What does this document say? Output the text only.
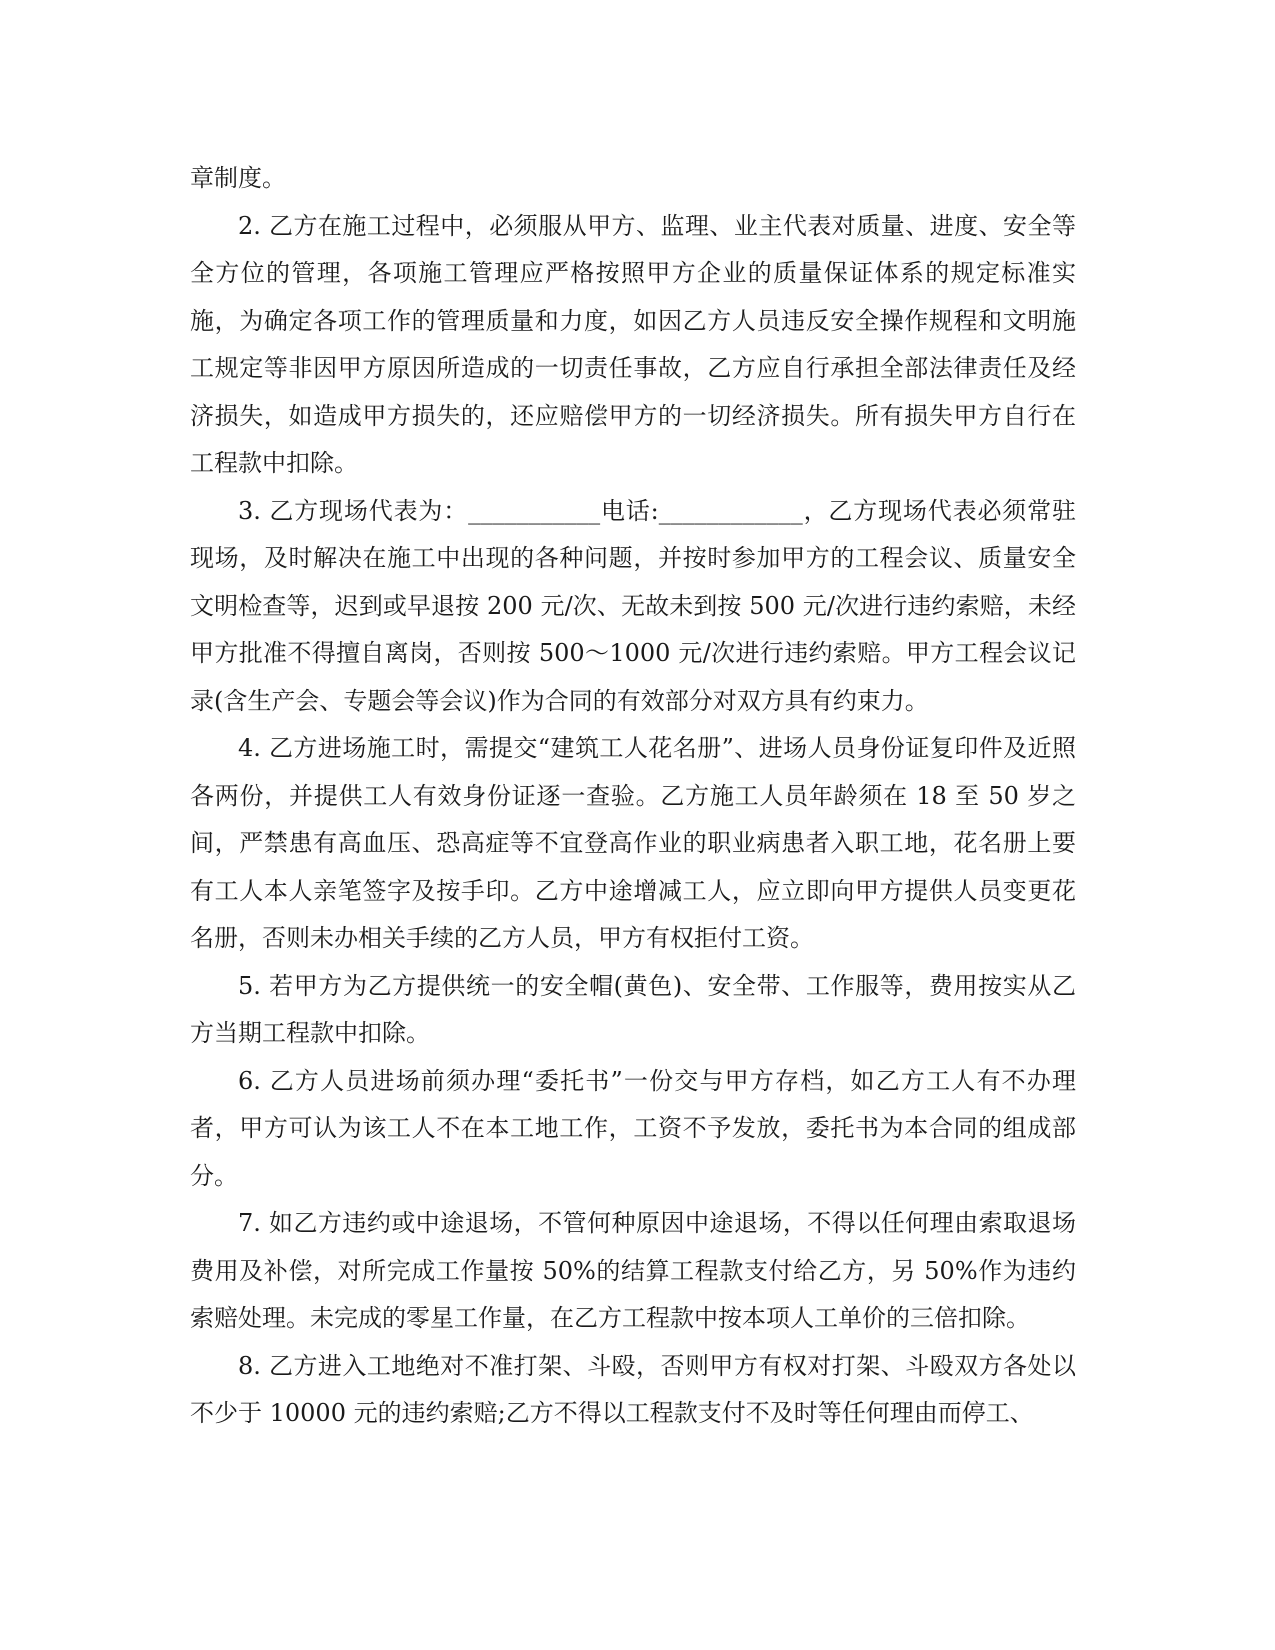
章制度。

2. 乙方在施工过程中，必须服从甲方、监理、业主代表对质量、进度、安全等全方位的管理，各项施工管理应严格按照甲方企业的质量保证体系的规定标准实施，为确定各项工作的管理质量和力度，如因乙方人员违反安全操作规程和文明施工规定等非因甲方原因所造成的一切责任事故，乙方应自行承担全部法律责任及经济损失，如造成甲方损失的，还应赔偿甲方的一切经济损失。所有损失甲方自行在工程款中扣除。

3. 乙方现场代表为：___________电话:____________，乙方现场代表必须常驻现场，及时解决在施工中出现的各种问题，并按时参加甲方的工程会议、质量安全文明检查等，迟到或早退按 200 元/次、无故未到按 500 元/次进行违约索赔，未经甲方批准不得擅自离岗，否则按 500～1000 元/次进行违约索赔。甲方工程会议记录(含生产会、专题会等会议)作为合同的有效部分对双方具有约束力。

4. 乙方进场施工时，需提交“建筑工人花名册”、进场人员身份证复印件及近照各两份，并提供工人有效身份证逐一查验。乙方施工人员年龄须在 18 至 50 岁之间，严禁患有高血压、恐高症等不宜登高作业的职业病患者入职工地，花名册上要有工人本人亲笔签字及按手印。乙方中途增减工人，应立即向甲方提供人员变更花名册，否则未办相关手续的乙方人员，甲方有权拒付工资。

5. 若甲方为乙方提供统一的安全帽(黄色)、安全带、工作服等，费用按实从乙方当期工程款中扣除。

6. 乙方人员进场前须办理“委托书”一份交与甲方存档，如乙方工人有不办理者，甲方可认为该工人不在本工地工作，工资不予发放，委托书为本合同的组成部分。

7. 如乙方违约或中途退场，不管何种原因中途退场，不得以任何理由索取退场费用及补偿，对所完成工作量按 50%的结算工程款支付给乙方，另 50%作为违约索赔处理。未完成的零星工作量，在乙方工程款中按本项人工单价的三倍扣除。

8. 乙方进入工地绝对不准打架、斗殴，否则甲方有权对打架、斗殴双方各处以不少于 10000 元的违约索赔;乙方不得以工程款支付不及时等任何理由而停工、
